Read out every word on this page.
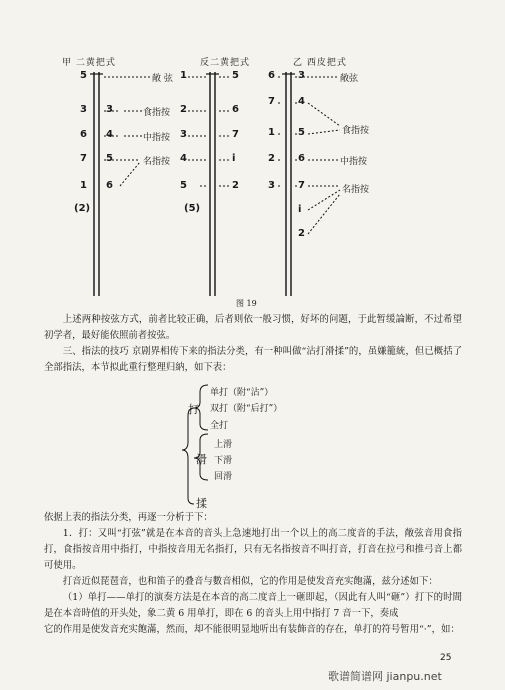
甲 二黄把式
5
3
6
7
1
(2)
3
4
5
6
敞 弦
食指按
中指按
名指按
反二黄把式
1
2
3
4
5
5
6
7
i
2
(5)
乙 西皮把式
6
7
1
2
3
3
4
5
6
7
i
2
敞弦
食指按
中指按
名指按
图 19

上述两种按弦方式，前者比较正确，后者则依一般习惯，好坏的问题，于此暂缓論断，不过希望初学者，最好能依照前者按弦。

三、指法的技巧 京剧界相传下来的指法分类，有一种叫做“沾打滑揉”的，虽嫌籠統，但已概括了全部指法，本节拟此重行整理归納，如下表：

打
单打（附“沾”）
双打（附“后打”）
全打
滑
上滑
下滑
回滑
揉

依据上表的指法分类，再逐一分析于下：

1．打：又叫“打弦”就是在本音的音头上急速地打出一个以上的高二度音的手法，敞弦音用食指打，食指按音用中指打，中指按音用无名指打，只有无名指按音不叫打音，打音在拉弓和推弓音上都可使用。

打音近似琵琶音，也和笛子的叠音与數音相似，它的作用是使发音充实飽滿，兹分述如下：

（1）单打——单打的演奏方法是在本音的高二度音上一砸即起，（因此有人叫“砸”）打下的时間是在本音時值的开头处，象二黄 6 用单打，即在 6 的音头上用中指打 7 音一下，奏成

它的作用是使发音充实飽滿，然而，却不能很明显地听出有装飾音的存在，单打的符号暂用“·”，如：

25
歌谱简谱网 jianpu.net
